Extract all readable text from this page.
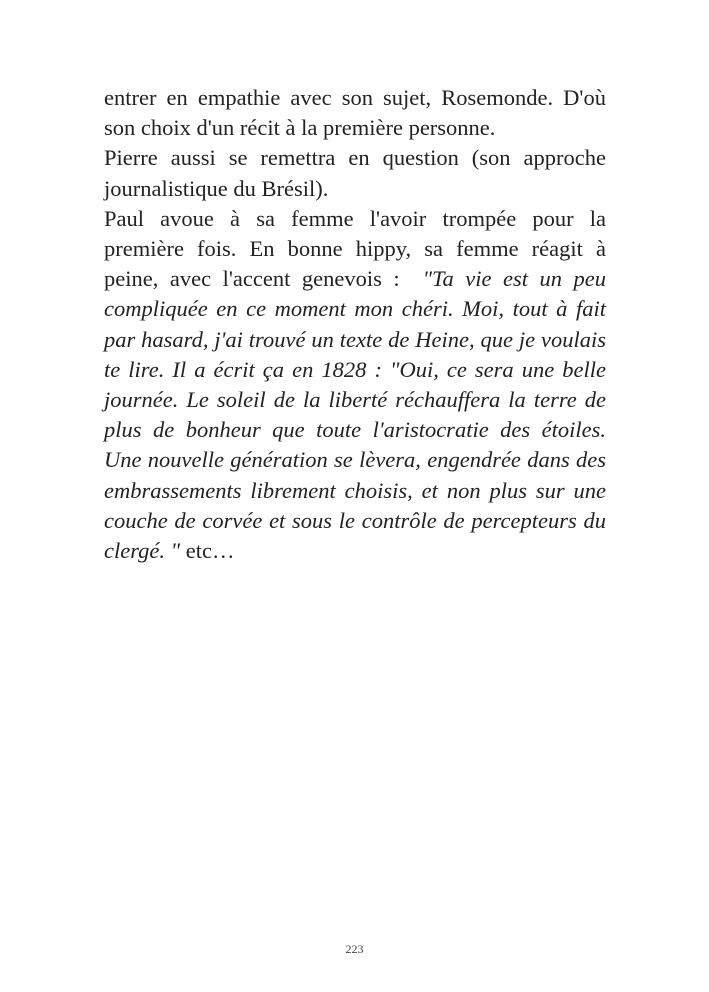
entrer en empathie avec son sujet, Rosemonde. D'où son choix d'un récit à la première personne.

Pierre aussi se remettra en question (son approche journalistique du Brésil).

Paul avoue à sa femme l'avoir trompée pour la première fois. En bonne hippy, sa femme réagit à peine, avec l'accent genevois :  "Ta vie est un peu compliquée en ce moment mon chéri. Moi, tout à fait par hasard, j'ai trouvé un texte de Heine, que je voulais te lire. Il a écrit ça en 1828 : "Oui, ce sera une belle journée. Le soleil de la liberté réchauffera la terre de plus de bonheur que toute l'aristocratie des étoiles. Une nouvelle génération se lèvera, engendrée dans des embrassements librement choisis, et non plus sur une couche de corvée et sous le contrôle de percepteurs du clergé. " etc…

223
